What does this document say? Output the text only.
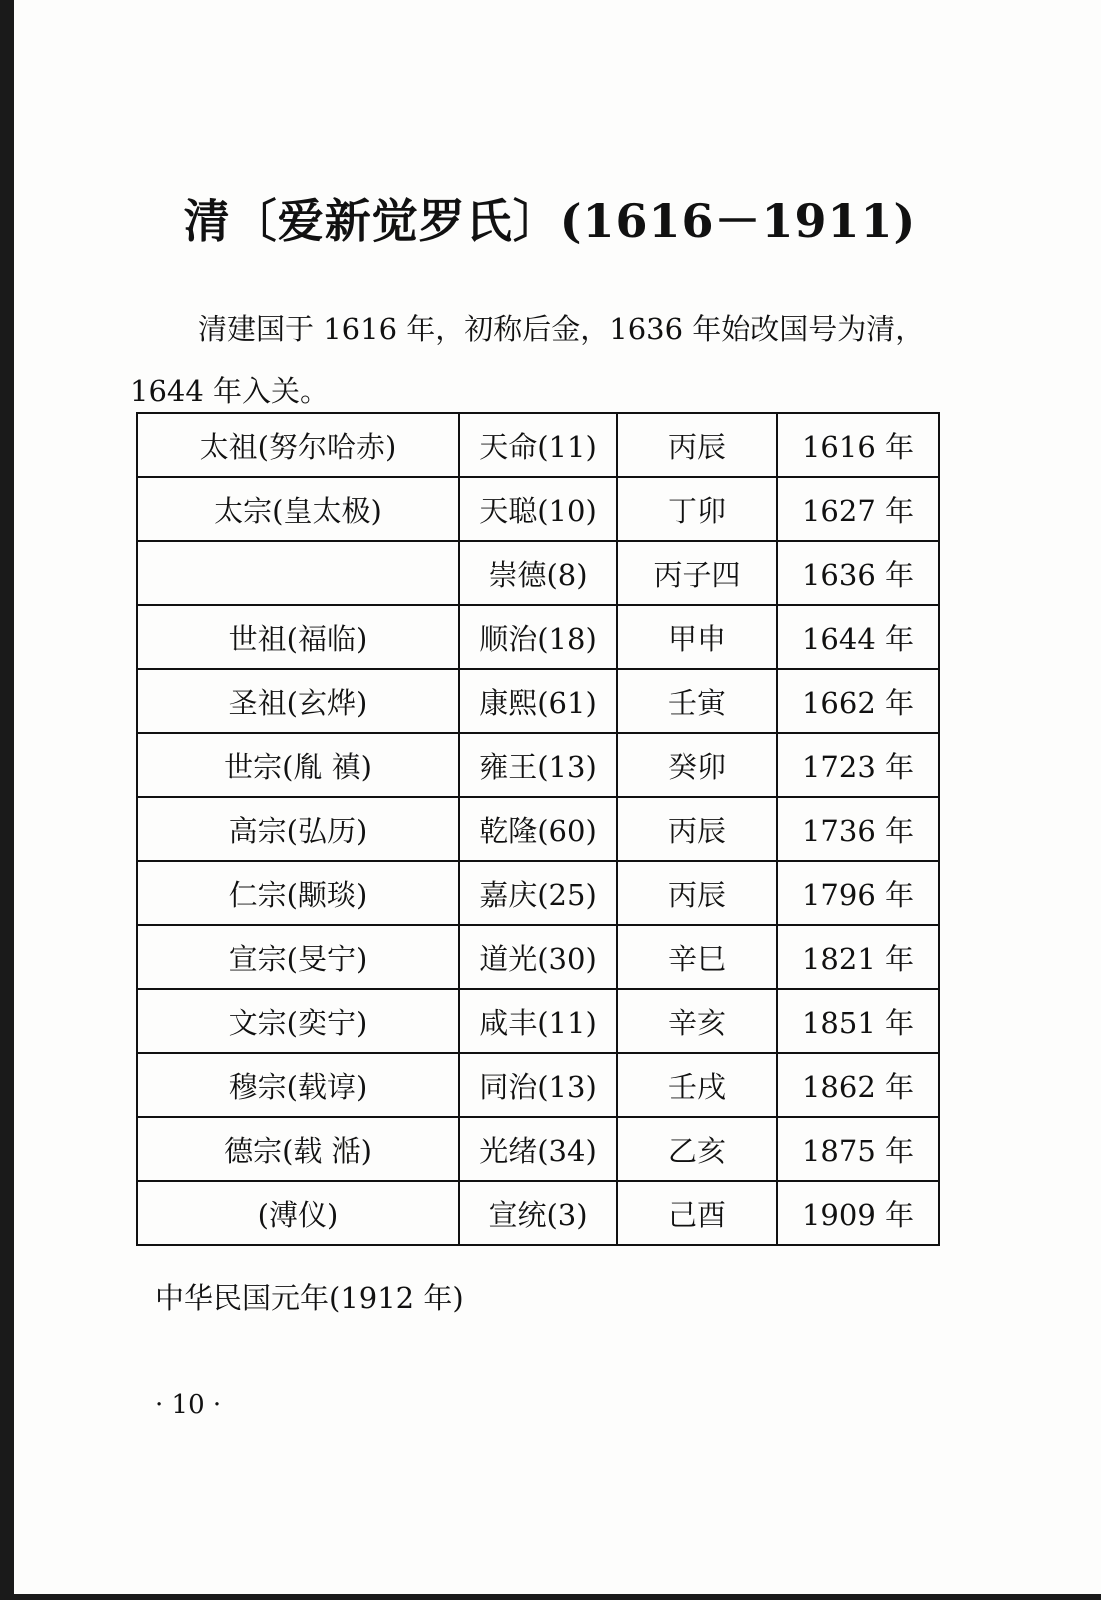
清〔爱新觉罗氏〕(1616－1911)
清建国于 1616 年，初称后金，1636 年始改国号为清，1644 年入关。
太祖(努尔哈赤)	天命(11)	丙辰	1616 年
太宗(皇太极)	天聪(10)	丁卯	1627 年
	崇德(8)	丙子四	1636 年
世祖(福临)	顺治(18)	甲申	1644 年
圣祖(玄烨)	康熙(61)	壬寅	1662 年
世宗(胤 禛)	雍王(13)	癸卯	1723 年
高宗(弘历)	乾隆(60)	丙辰	1736 年
仁宗(颙琰)	嘉庆(25)	丙辰	1796 年
宣宗(旻宁)	道光(30)	辛巳	1821 年
文宗(奕宁)	咸丰(11)	辛亥	1851 年
穆宗(载谆)	同治(13)	壬戌	1862 年
德宗(载 湉)	光绪(34)	乙亥	1875 年
(溥仪)	宣统(3)	己酉	1909 年
中华民国元年(1912 年)
· 10 ·
